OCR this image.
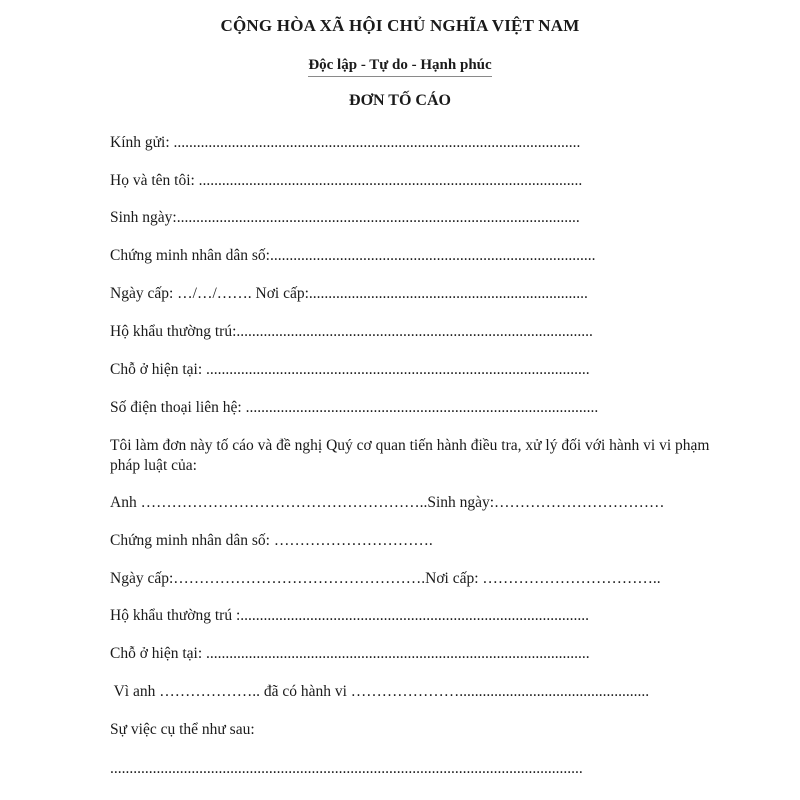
CỘNG HÒA XÃ HỘI CHỦ NGHĨA VIỆT NAM
Độc lập - Tự do - Hạnh phúc
ĐƠN TỐ CÁO
Kính gửi: .........................................................................................................
Họ và tên tôi: ...................................................................................................
Sinh ngày:........................................................................................................
Chứng minh nhân dân số:....................................................................................
Ngày cấp: …/…/……. Nơi cấp:........................................................................
Hộ khẩu thường trú:............................................................................................
Chỗ ở hiện tại: ...................................................................................................
Số điện thoại liên hệ: ...........................................................................................
Tôi làm đơn này tố cáo và đề nghị Quý cơ quan tiến hành điều tra, xử lý đối với hành vi vi phạm pháp luật của:
Anh ………………………………………………..Sinh ngày:……………………………
Chứng minh nhân dân số: ………………………….
Ngày cấp:………………………………………….Nơi cấp: ……………………………..
Hộ khẩu thường trú :..........................................................................................
Chỗ ở hiện tại: ...................................................................................................
Vì anh ……………….. đã có hành vi ………………….................................................
Sự việc cụ thể như sau:
..........................................................................................................................
